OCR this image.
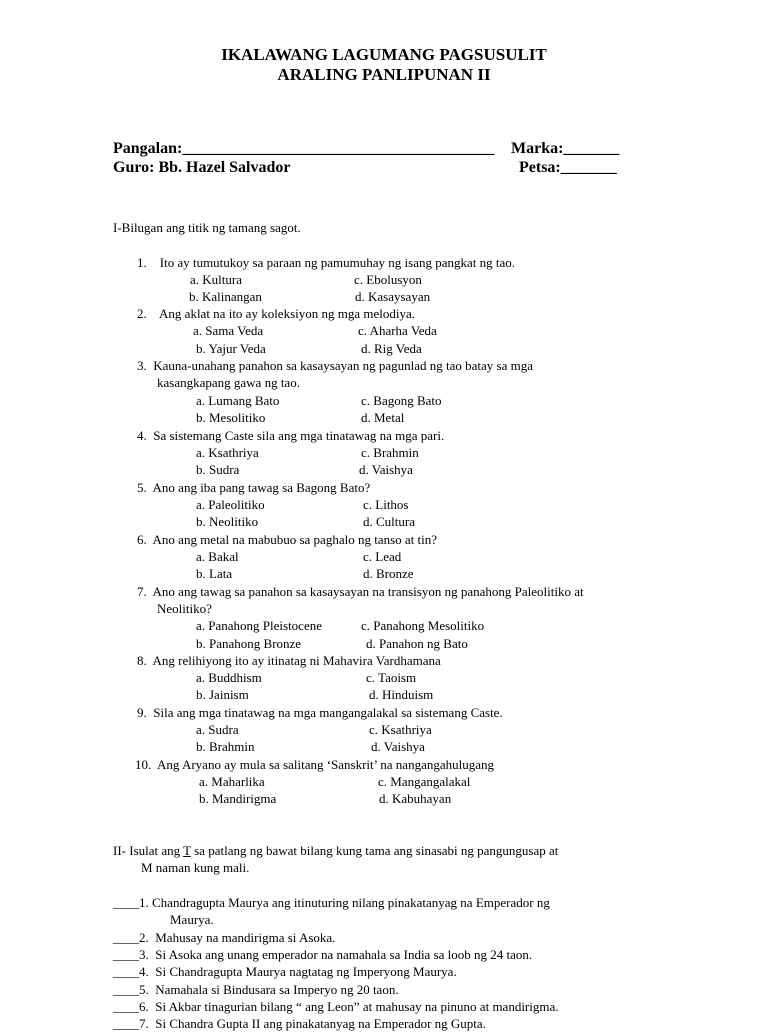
IKALAWANG LAGUMANG PAGSUSULIT
ARALING PANLIPUNAN II
Pangalan:_______________________________________ Marka:_______
Guro: Bb. Hazel Salvador	Petsa:_______
I-Bilugan ang titik ng tamang sagot.
1.    Ito ay tumutukoy sa paraan ng pamumuhay ng isang pangkat ng tao.
a. Kultura	c. Ebolusyon
b. Kalinangan	d. Kasaysayan
2.    Ang aklat na ito ay koleksiyon ng mga melodiya.
a. Sama Veda	c. Aharha Veda
b. Yajur Veda	d. Rig Veda
3.  Kauna-unahang panahon sa kasaysayan ng pagunlad ng tao batay sa mga
kasangkapang gawa ng tao.
a. Lumang Bato	c. Bagong Bato
b. Mesolitiko	d. Metal
4.  Sa sistemang Caste sila ang mga tinatawag na mga pari.
a. Ksathriya	c. Brahmin
b. Sudra	d. Vaishya
5.  Ano ang iba pang tawag sa Bagong Bato?
a. Paleolitiko	c. Lithos
b. Neolitiko	d. Cultura
6.  Ano ang metal na mabubuo sa paghalo ng tanso at tin?
a. Bakal	c. Lead
b. Lata	d. Bronze
7.  Ano ang tawag sa panahon sa kasaysayan na transisyon ng panahong Paleolitiko at
Neolitiko?
a. Panahong Pleistocene	c. Panahong Mesolitiko
b. Panahong Bronze	d. Panahon ng Bato
8.  Ang relihiyong ito ay itinatag ni Mahavira Vardhamana
a. Buddhism	c. Taoism
b. Jainism	d. Hinduism
9.  Sila ang mga tinatawag na mga mangangalakal sa sistemang Caste.
a. Sudra	c. Ksathriya
b. Brahmin	d. Vaishya
10.  Ang Aryano ay mula sa salitang ‘Sanskrit’ na nangangahulugang
a. Maharlika	c. Mangangalakal
b. Mandirigma	d. Kabuhayan
II- Isulat ang T sa patlang ng bawat bilang kung tama ang sinasabi ng pangungusap at
M naman kung mali.
____1. Chandragupta Maurya ang itinuturing nilang pinakatanyag na Emperador ng
Maurya.
____2.  Mahusay na mandirigma si Asoka.
____3.  Si Asoka ang unang emperador na namahala sa India sa loob ng 24 taon.
____4.  Si Chandragupta Maurya nagtatag ng Imperyong Maurya.
____5.  Namahala si Bindusara sa Imperyo ng 20 taon.
____6.  Si Akbar tinagurian bilang “ ang Leon” at mahusay na pinuno at mandirigma.
____7.  Si Chandra Gupta II ang pinakatanyag na Emperador ng Gupta.
